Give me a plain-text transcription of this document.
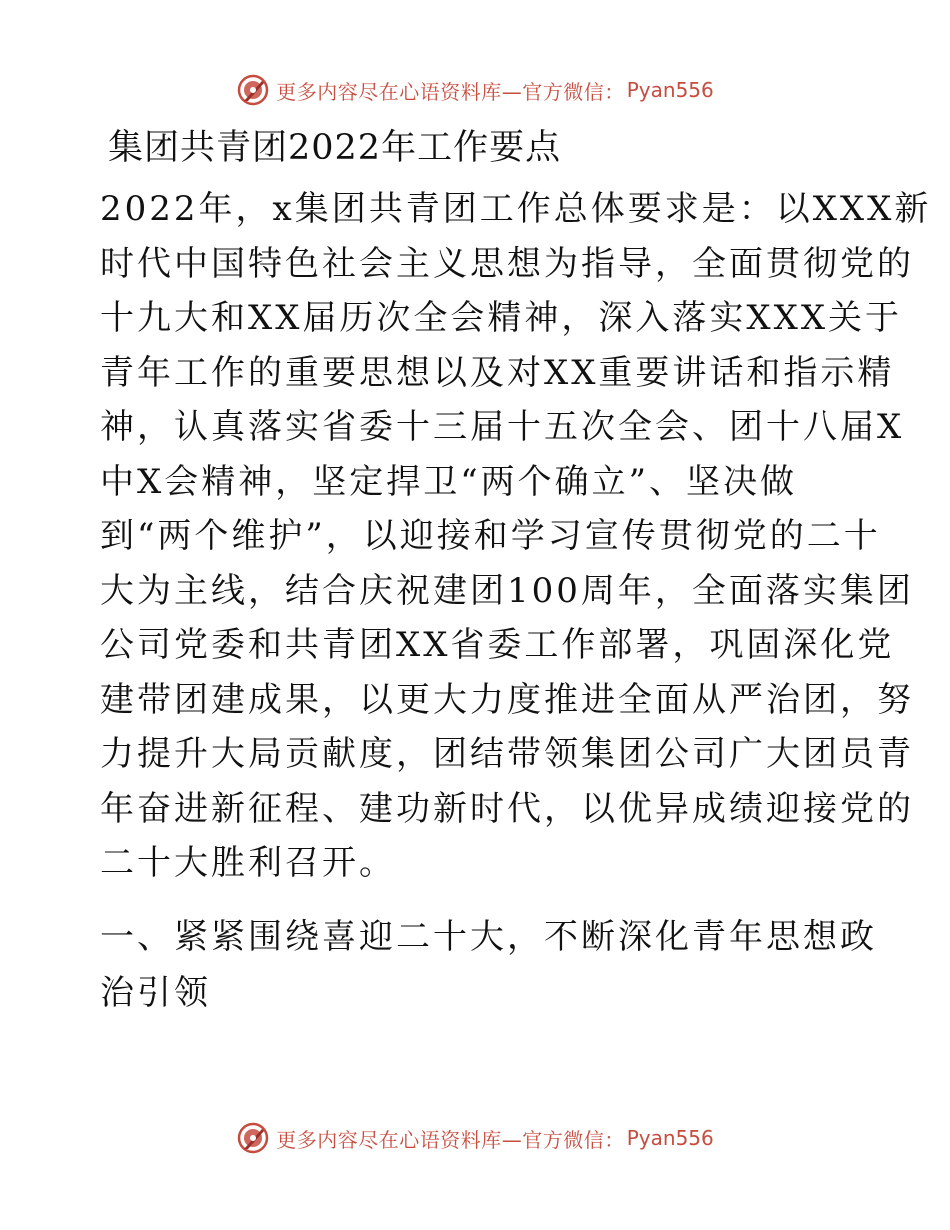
更多内容尽在心语资料库—官方微信： Pyan556
集团共青团2022年工作要点

2022年，x集团共青团工作总体要求是：以XXX新
时代中国特色社会主义思想为指导，全面贯彻党的
十九大和XX届历次全会精神，深入落实XXX关于
青年工作的重要思想以及对XX重要讲话和指示精
神，认真落实省委十三届十五次全会、团十八届X
中X会精神，坚定捍卫“两个确立”、坚决做
到“两个维护”，以迎接和学习宣传贯彻党的二十
大为主线，结合庆祝建团100周年，全面落实集团
公司党委和共青团XX省委工作部署，巩固深化党
建带团建成果，以更大力度推进全面从严治团，努
力提升大局贡献度，团结带领集团公司广大团员青
年奋进新征程、建功新时代，以优异成绩迎接党的
二十大胜利召开。

一、紧紧围绕喜迎二十大，不断深化青年思想政
治引领
更多内容尽在心语资料库—官方微信： Pyan556
